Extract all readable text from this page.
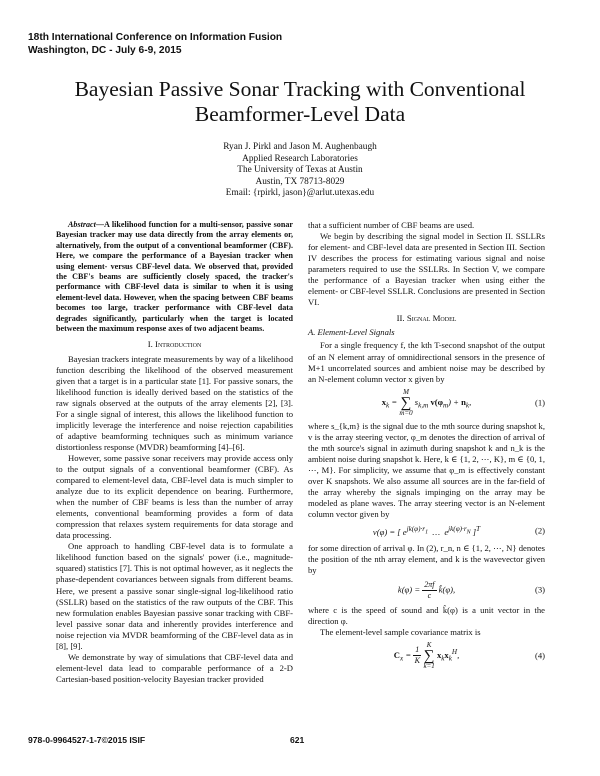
18th International Conference on Information Fusion
Washington, DC - July 6-9, 2015
Bayesian Passive Sonar Tracking with Conventional Beamformer-Level Data
Ryan J. Pirkl and Jason M. Aughenbaugh
Applied Research Laboratories
The University of Texas at Austin
Austin, TX 78713-8029
Email: {rpirkl, jason}@arlut.utexas.edu

Abstract—A likelihood function for a multi-sensor, passive sonar Bayesian tracker may use data directly from the array elements or, alternatively, from the output of a conventional beamformer (CBF). Here, we compare the performance of a Bayesian tracker when using element- versus CBF-level data. We observed that, provided the CBF's beams are sufficiently closely spaced, the tracker's performance with CBF-level data is similar to when it is using element-level data. However, when the spacing between CBF beams becomes too large, tracker performance with CBF-level data degrades significantly, particularly when the target is located between the maximum response axes of two adjacent beams.

I. Introduction

Bayesian trackers integrate measurements by way of a likelihood function describing the likelihood of the observed measurement given that a target is in a particular state [1]. For passive sonars, the likelihood function is ideally derived based on the statistics of the raw signals observed at the outputs of the array elements [2], [3]. For a single signal of interest, this allows the likelihood function to implicitly leverage the interference and noise rejection capabilities of adaptive beamforming techniques such as minimum variance distortionless response (MVDR) beamforming [4]–[6].

However, some passive sonar receivers may provide access only to the output signals of a conventional beamformer (CBF). As compared to element-level data, CBF-level data is much simpler to analyze due to its explicit dependence on bearing. Furthermore, when the number of CBF beams is less than the number of array elements, conventional beamforming provides a form of data compression that relaxes system requirements for data storage and data processing.

One approach to handling CBF-level data is to formulate a likelihood function based on the signals' power (i.e., magnitude-squared) statistics [7]. This is not optimal however, as it neglects the phase-dependent covariances between signals from different beams. Here, we present a passive sonar single-signal log-likelihood ratio (SSLLR) based on the statistics of the raw outputs of the CBF. This new formulation enables Bayesian passive sonar tracking with CBF-level passive sonar data and inherently provides interference and noise rejection via MVDR beamforming of the CBF-level data as in [8], [9].

We demonstrate by way of simulations that CBF-level data and element-level data lead to comparable performance of a 2-D Cartesian-based position-velocity Bayesian tracker provided

that a sufficient number of CBF beams are used.

We begin by describing the signal model in Section II. SSLLRs for element- and CBF-level data are presented in Section III. Section IV describes the process for estimating various signal and noise parameters required to use the SSLLRs. In Section V, we compare the performance of a Bayesian tracker when using either the element- or CBF-level SSLLR. Conclusions are presented in Section VI.

II. Signal Model
A. Element-Level Signals

For a single frequency f, the kth T-second snapshot of the output of an N element array of omnidirectional sensors in the presence of M+1 uncorrelated sources and ambient noise may be described by an N-element column vector x given by

$x_k = M$
∑
m=0 $s_{k,m}$ $v(\varphi_m) + n_k$,	(1)

where s_{k,m} is the signal due to the mth source during snapshot k, v is the array steering vector, φ_m denotes the direction of arrival of the mth source's signal in azimuth during snapshot k and n_k is the ambient noise during snapshot k. Here, k ∈ {1, 2, ⋯, K}, m ∈ {0, 1, ⋯, M}. For simplicity, we assume that φ_m is effectively constant over K snapshots. We also assume all sources are in the far-field of the array whereby the signals impinging on the array may be modeled as plane waves. The array steering vector is an N-element column vector given by

v(φ) = [ $e^{jk(\varphi)\cdot r_1}$ … $e^{jk(\varphi)\cdot r_N}$ ]$^T$	(2)

for some direction of arrival φ. In (2), r_n, n ∈ {1, 2, ⋯, N} denotes the position of the nth array element, and k is the wavevector given by

$k(\varphi) = \frac{2\pi f}{c}$ k̂(φ),	(3)

where c is the speed of sound and k̂(φ) is a unit vector in the direction φ.

The element-level sample covariance matrix is

$C_x = \frac{1}{K}$
K
∑
k=1 $x_kx_k^H$,	(4)
978-0-9964527-1-7©2015 ISIF	621
